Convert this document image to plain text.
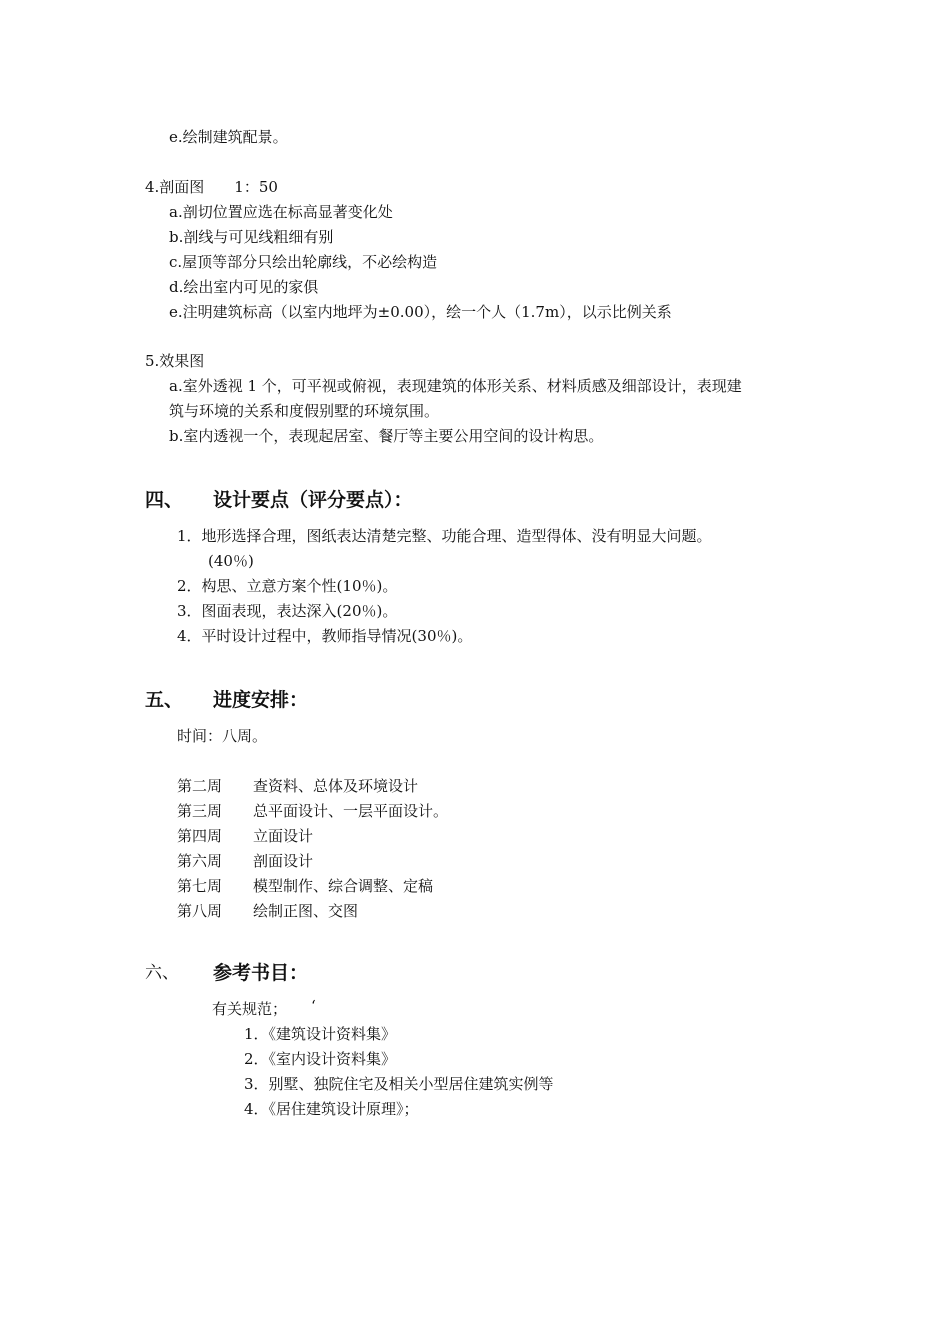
e.绘制建筑配景。
4.剖面图　　1：50
a.剖切位置应选在标高显著变化处
b.剖线与可见线粗细有别
c.屋顶等部分只绘出轮廓线，不必绘构造
d.绘出室内可见的家俱
e.注明建筑标高（以室内地坪为±0.00），绘一个人（1.7m），以示比例关系
5.效果图
a.室外透视 1 个，可平视或俯视，表现建筑的体形关系、材料质感及细部设计，表现建
筑与环境的关系和度假别墅的环境氛围。
b.室内透视一个，表现起居室、餐厅等主要公用空间的设计构思。
四、 设计要点（评分要点）：
1．地形选择合理，图纸表达清楚完整、功能合理、造型得体、没有明显大问题。
(40％)
2．构思、立意方案个性(10％)。
3．图面表现，表达深入(20％)。
4．平时设计过程中，教师指导情况(30％)。
五、 进度安排：
时间：八周。
第二周 查资料、总体及环境设计
第三周 总平面设计、一层平面设计。
第四周 立面设计
第六周 剖面设计
第七周 模型制作、综合调整、定稿
第八周 绘制正图、交图
六、 参考书目：
有关规范； ‘
1．《建筑设计资料集》
2．《室内设计资料集》
3．别墅、独院住宅及相关小型居住建筑实例等
4．《居住建筑设计原理》；
